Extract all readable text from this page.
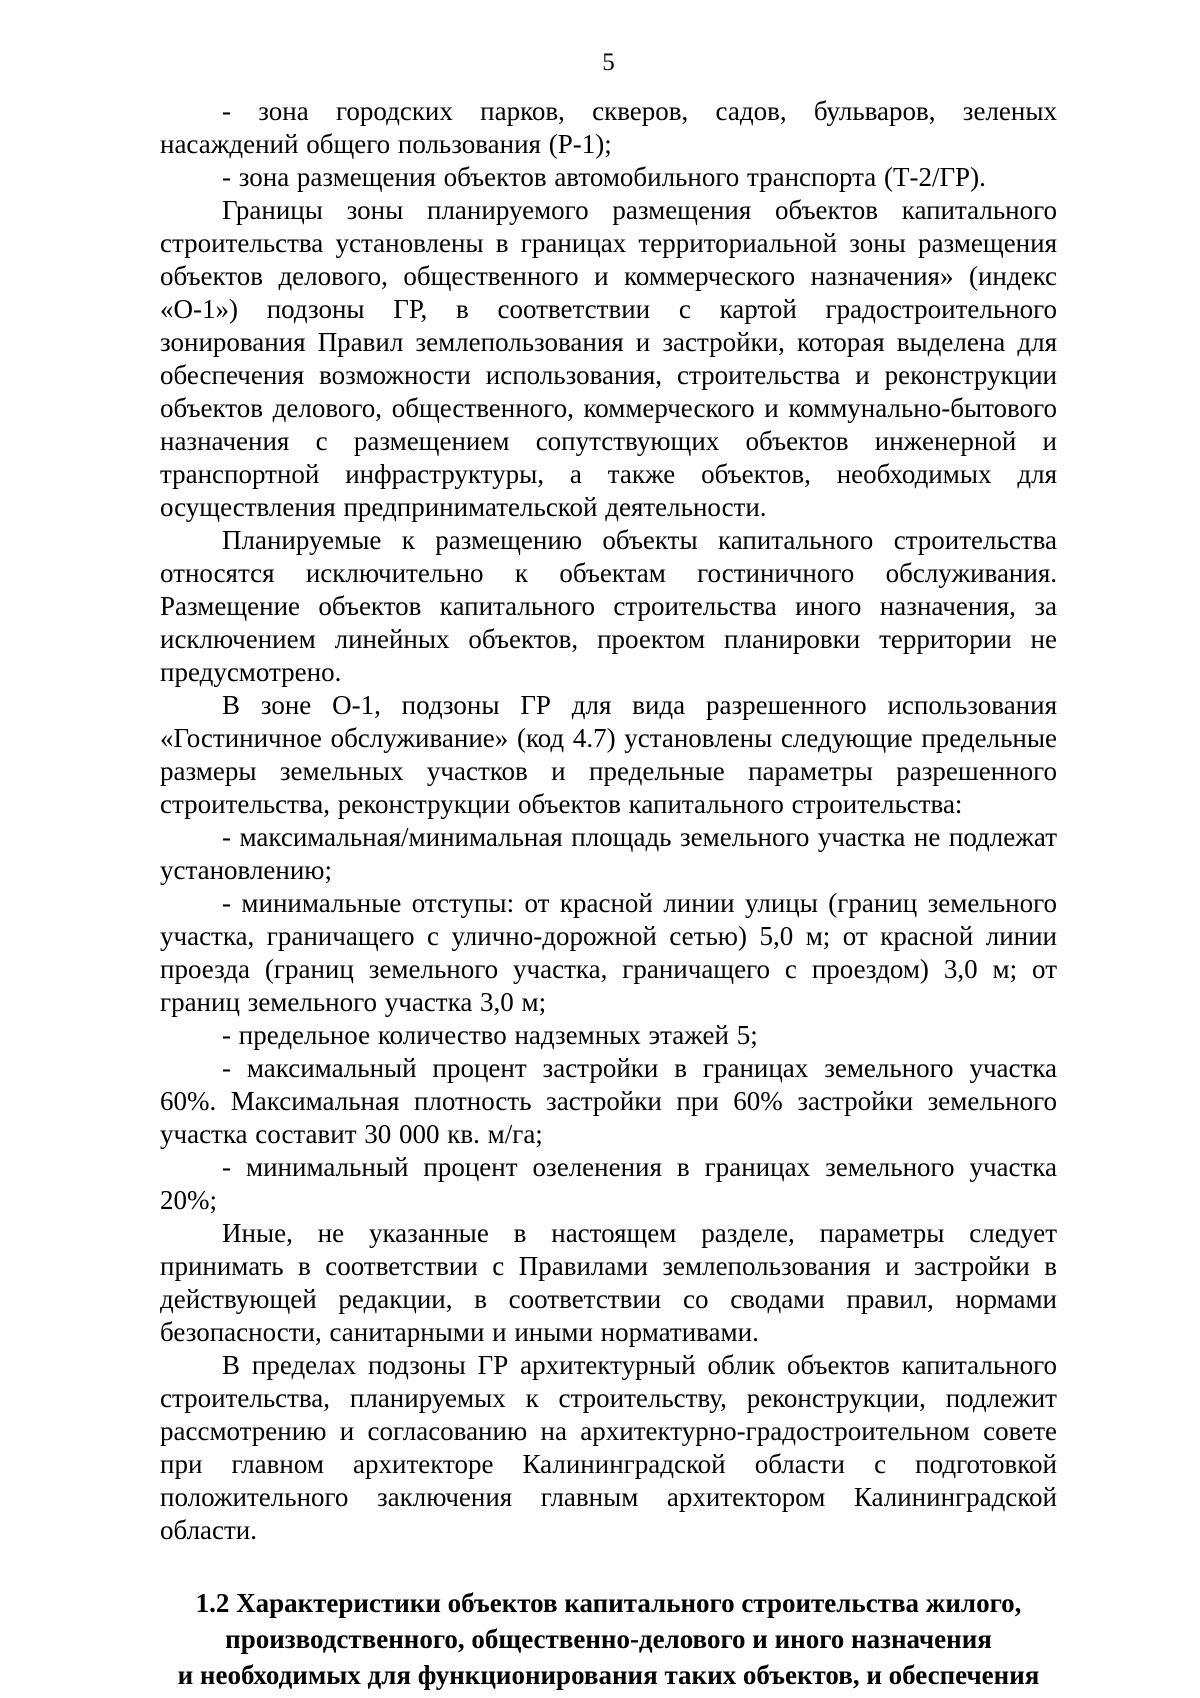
5

- зона городских парков, скверов, садов, бульваров, зеленых насаждений общего пользования (Р-1);

- зона размещения объектов автомобильного транспорта (Т-2/ГР).

Границы зоны планируемого размещения объектов капитального строительства установлены в границах территориальной зоны размещения объектов делового, общественного и коммерческого назначения» (индекс «О-1») подзоны ГР, в соответствии с картой градостроительного зонирования Правил землепользования и застройки, которая выделена для обеспечения возможности использования, строительства и реконструкции объектов делового, общественного, коммерческого и коммунально-бытового назначения с размещением сопутствующих объектов инженерной и транспортной инфраструктуры, а также объектов, необходимых для осуществления предпринимательской деятельности.

Планируемые к размещению объекты капитального строительства относятся исключительно к объектам гостиничного обслуживания. Размещение объектов капитального строительства иного назначения, за исключением линейных объектов, проектом планировки территории не предусмотрено.

В зоне О-1, подзоны ГР для вида разрешенного использования «Гостиничное обслуживание» (код 4.7) установлены следующие предельные размеры земельных участков и предельные параметры разрешенного строительства, реконструкции объектов капитального строительства:

- максимальная/минимальная площадь земельного участка не подлежат установлению;

- минимальные отступы: от красной линии улицы (границ земельного участка, граничащего с улично-дорожной сетью) 5,0 м; от красной линии проезда (границ земельного участка, граничащего с проездом) 3,0 м; от границ земельного участка 3,0 м;

- предельное количество надземных этажей 5;

- максимальный процент застройки в границах земельного участка 60%. Максимальная плотность застройки при 60% застройки земельного участка составит 30 000 кв. м/га;

- минимальный процент озеленения в границах земельного участка 20%;

Иные, не указанные в настоящем разделе, параметры следует принимать в соответствии с Правилами землепользования и застройки в действующей редакции, в соответствии со сводами правил, нормами безопасности, санитарными и иными нормативами.

В пределах подзоны ГР архитектурный облик объектов капитального строительства, планируемых к строительству, реконструкции, подлежит рассмотрению и согласованию на архитектурно-градостроительном совете при главном архитекторе Калининградской области с подготовкой положительного заключения главным архитектором Калининградской области.

1.2 Характеристики объектов капитального строительства жилого,
производственного, общественно-делового и иного назначения
и необходимых для функционирования таких объектов, и обеспечения
